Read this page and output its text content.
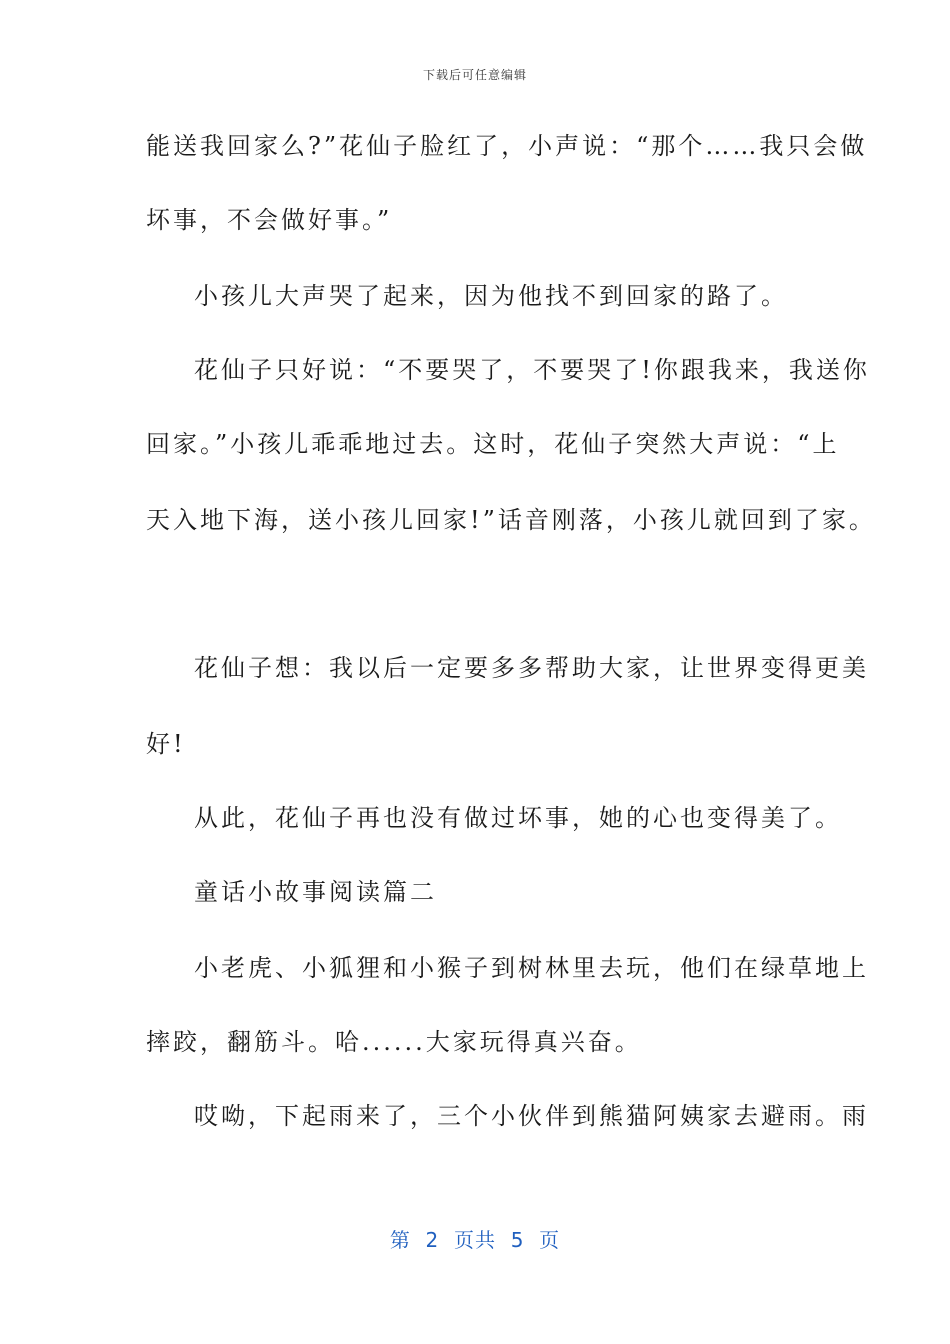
下载后可任意编辑
能送我回家么?”花仙子脸红了，小声说：“那个……我只会做
坏事，不会做好事。”
小孩儿大声哭了起来，因为他找不到回家的路了。
花仙子只好说：“不要哭了，不要哭了!你跟我来，我送你
回家。”小孩儿乖乖地过去。这时，花仙子突然大声说：“上
天入地下海，送小孩儿回家!”话音刚落，小孩儿就回到了家。
花仙子想：我以后一定要多多帮助大家，让世界变得更美
好!
从此，花仙子再也没有做过坏事，她的心也变得美了。
童话小故事阅读篇二
小老虎、小狐狸和小猴子到树林里去玩，他们在绿草地上
摔跤，翻筋斗。哈......大家玩得真兴奋。
哎呦，下起雨来了，三个小伙伴到熊猫阿姨家去避雨。雨
第  2  页共  5  页
